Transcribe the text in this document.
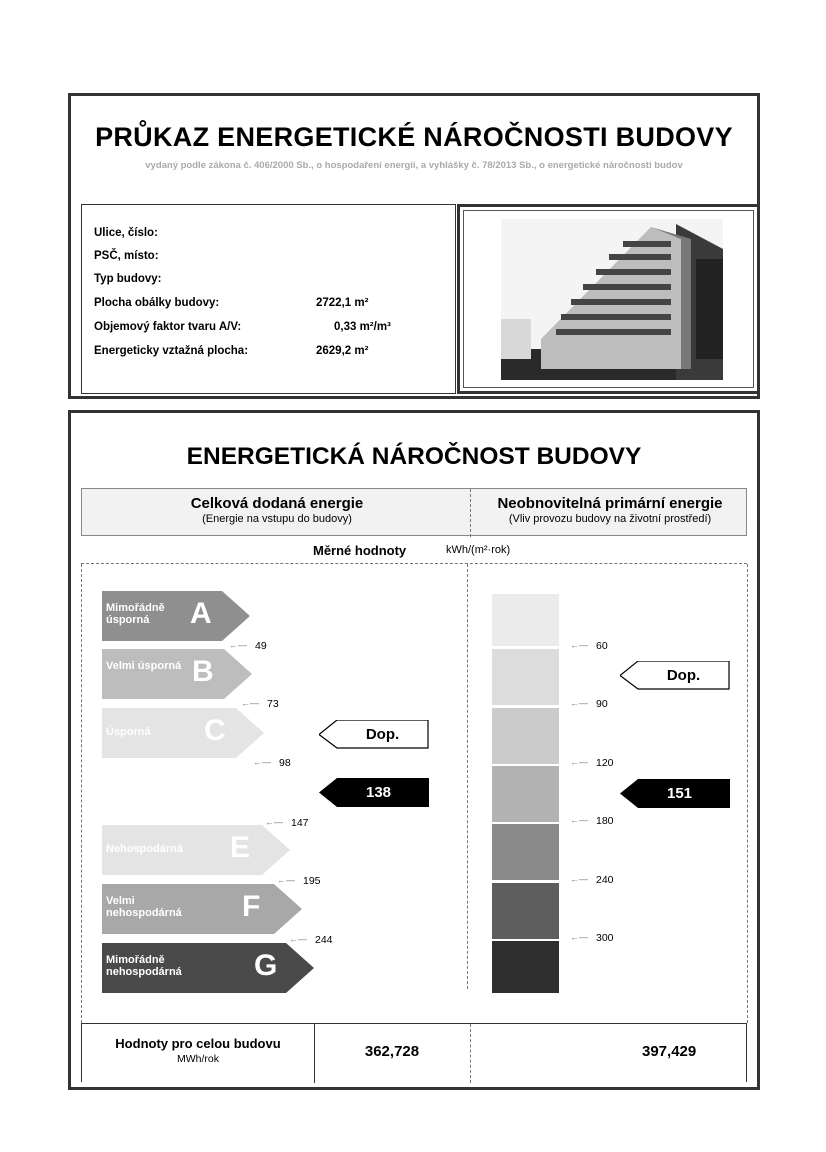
PRŮKAZ ENERGETICKÉ NÁROČNOSTI BUDOVY
vydaný podle zákona č. 406/2000 Sb., o hospodaření energií, a vyhlášky č. 78/2013 Sb., o energetické náročnosti budov
Ulice, číslo:
PSČ, místo:
Typ budovy:
Plocha obálky budovy:	2722,1 m²
Objemový faktor tvaru A/V:	0,33 m²/m³
Energeticky vztažná plocha:	2629,2 m²
ENERGETICKÁ NÁROČNOST BUDOVY
Celková dodaná energie
(Energie na vstupu do budovy)
Neobnovitelná primární energie
(Vliv provozu budovy na životní prostředí)
Měrné hodnoty	kWh/(m²·rok)
Mimořádně úsporná	A
Velmi úsporná B
Úsporná	C
Nehospodárná	E
Velmi nehospodárná	F
Mimořádně nehospodárná	G
←— 49
←— 73
←— 98
←— 147
←— 195
←— 244
←— 60
←— 90
←— 120
←— 180
←— 240
←— 300
Dop.
138
Dop.
151
Hodnoty pro celou budovu
MWh/rok	362,728	397,429
